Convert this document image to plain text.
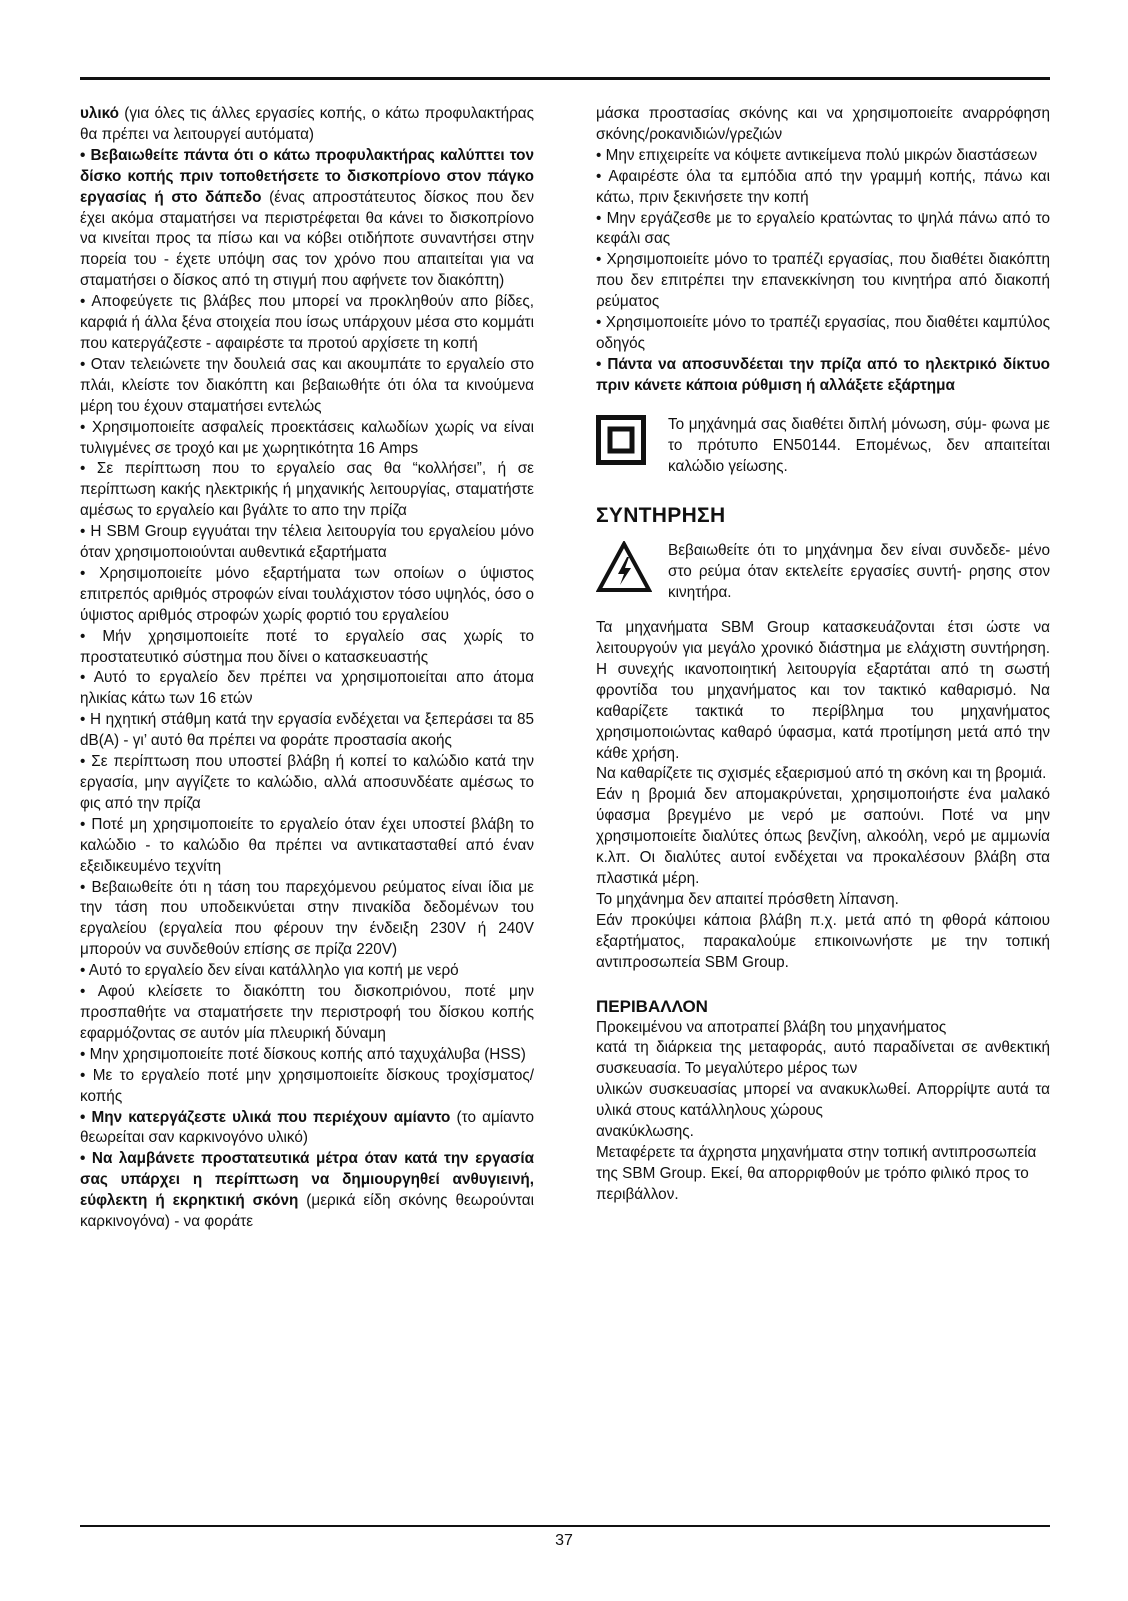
υλικό (για όλες τις άλλες εργασίες κοπής, ο κάτω προφυλακτήρας θα πρέπει να λειτουργεί αυτόματα)

• Βεβαιωθείτε πάντα ότι ο κάτω προφυλακτήρας καλύπτει τον δίσκο κοπής πριν τοποθετήσετε το δισκοπρίονο στον πάγκο εργασίας ή στο δάπεδο (ένας απροστάτευτος δίσκος που δεν έχει ακόμα σταματήσει να περιστρέφεται θα κάνει το δισκοπρίονο να κινείται προς τα πίσω και να κόβει οτιδήποτε συναντήσει στην πορεία του - έχετε υπόψη σας τον χρόνο που απαιτείται για να σταματήσει ο δίσκος από τη στιγμή που αφήνετε τον διακόπτη)

• Αποφεύγετε τις βλάβες που μπορεί να προκληθούν απο βίδες, καρφιά ή άλλα ξένα στοιχεία που ίσως υπάρχουν μέσα στο κομμάτι που κατεργάζεστε - αφαιρέστε τα προτού αρχίσετε τη κοπή

• Οταν τελειώνετε την δουλειά σας και ακουμπάτε το εργαλείο στο πλάι, κλείστε τον διακόπτη και βεβαιωθήτε ότι όλα τα κινούμενα μέρη του έχουν σταματήσει εντελώς

• Χρησιμοποιείτε ασφαλείς προεκτάσεις καλωδίων χωρίς να είναι τυλιγμένες σε τροχό και με χωρητικότητα 16 Amps

• Σε περίπτωση που το εργαλείο σας θα “κολλήσει”, ή σε περίπτωση κακής ηλεκτρικής ή μηχανικής λειτουργίας, σταματήστε αμέσως το εργαλείο και βγάλτε το απο την πρίζα

• Η SBM Group εγγυάται την τέλεια λειτουργία του εργαλείου μόνο όταν χρησιμοποιούνται αυθεντικά εξαρτήματα

• Χρησιμοποιείτε μόνο εξαρτήματα των οποίων ο ύψιστος επιτρεπός αριθμός στροφών είναι τουλάχιστον τόσο υψηλός, όσο ο ύψιστος αριθμός στροφών χωρίς φορτιό του εργαλείου

• Μήν χρησιμοποιείτε ποτέ το εργαλείο σας χωρίς το προστατευτικό σύστημα που δίνει ο κατασκευαστής

• Αυτό το εργαλείο δεν πρέπει να χρησιμοποιείται απο άτομα ηλικίας κάτω των 16 ετών

• Η ηχητική στάθμη κατά την εργασία ενδέχεται να ξεπεράσει τα 85 dB(A) - γι’ αυτό θα πρέπει να φοράτε προστασία ακοής

• Σε περίπτωση που υποστεί βλάβη ή κοπεί το καλώδιο κατά την εργασία, μην αγγίζετε το καλώδιο, αλλά αποσυνδέατε αμέσως το φις από την πρίζα

• Ποτέ μη χρησιμοποιείτε το εργαλείο όταν έχει υποστεί βλάβη το καλώδιο - το καλώδιο θα πρέπει να αντικατασταθεί από έναν εξειδικευμένο τεχνίτη

• Βεβαιωθείτε ότι η τάση του παρεχόμενου ρεύματος είναι ίδια με την τάση που υποδεικνύεται στην πινακίδα δεδομένων του εργαλείου (εργαλεία που φέρουν την ένδειξη 230V ή 240V μπορούν να συνδεθούν επίσης σε πρίζα 220V)

• Αυτό το εργαλείο δεν είναι κατάλληλο για κοπή με νερό

• Αφού κλείσετε το διακόπτη του δισκοπριόνου, ποτέ μην προσπαθήτε να σταματήσετε την περιστροφή του δίσκου κοπής εφαρμόζοντας σε αυτόν μία πλευρική δύναμη

• Μην χρησιμοποιείτε ποτέ δίσκους κοπής από ταχυχάλυβα (HSS)

• Με το εργαλείο ποτέ μην χρησιμοποιείτε δίσκους τροχίσματος/κοπής

• Μην κατεργάζεστε υλικά που περιέχουν αμίαντο (το αμίαντο θεωρείται σαν καρκινογόνο υλικό)

• Να λαμβάνετε προστατευτικά μέτρα όταν κατά την εργασία σας υπάρχει η περίπτωση να δημιουργηθεί ανθυγιεινή, εύφλεκτη ή εκρηκτική σκόνη (μερικά είδη σκόνης θεωρούνται καρκινογόνα) - να φοράτε

μάσκα προστασίας σκόνης και να χρησιμοποιείτε αναρρόφηση σκόνης/ροκανιδιών/γρεζιών

• Μην επιχειρείτε να κόψετε αντικείμενα πολύ μικρών διαστάσεων

• Αφαιρέστε όλα τα εμπόδια από την γραμμή κοπής, πάνω και κάτω, πριν ξεκινήσετε την κοπή

• Μην εργάζεσθε με το εργαλείο κρατώντας το ψηλά πάνω από το κεφάλι σας

• Χρησιμοποιείτε μόνο το τραπέζι εργασίας, που διαθέτει διακόπτη που δεν επιτρέπει την επανεκκίνηση του κινητήρα από διακοπή ρεύματος

• Χρησιμοποιείτε μόνο το τραπέζι εργασίας, που διαθέτει καμπύλος οδηγός

• Πάντα να αποσυνδέεται την πρίζα από το ηλεκτρικό δίκτυο πριν κάνετε κάποια ρύθμιση ή αλλάξετε εξάρτημα

Το μηχάνημά σας διαθέτει διπλή μόνωση, σύμ- φωνα με το πρότυπο EN50144. Επομένως, δεν απαιτείται καλώδιο γείωσης.
ΣΥΝΤΗΡΗΣΗ
Βεβαιωθείτε ότι το μηχάνημα δεν είναι συνδεδε- μένο στο ρεύμα όταν εκτελείτε εργασίες συντή- ρησης στον κινητήρα.

Τα μηχανήματα SBM Group κατασκευάζονται έτσι ώστε να λειτουργούν για μεγάλο χρονικό διάστημα με ελάχιστη συντήρηση. Η συνεχής ικανοποιητική λειτουργία εξαρτάται από τη σωστή φροντίδα του μηχανήματος και τον τακτικό καθαρισμό. Να καθαρίζετε τακτικά το περίβλημα του μηχανήματος χρησιμοποιώντας καθαρό ύφασμα, κατά προτίμηση μετά από την κάθε χρήση.

Να καθαρίζετε τις σχισμές εξαερισμού από τη σκόνη και τη βρομιά.

Εάν η βρομιά δεν απομακρύνεται, χρησιμοποιήστε ένα μαλακό ύφασμα βρεγμένο με νερό με σαπούνι. Ποτέ να μην χρησιμοποιείτε διαλύτες όπως βενζίνη, αλκοόλη, νερό με αμμωνία κ.λπ. Οι διαλύτες αυτοί ενδέχεται να προκαλέσουν βλάβη στα πλαστικά μέρη.

Το μηχάνημα δεν απαιτεί πρόσθετη λίπανση.

Εάν προκύψει κάποια βλάβη π.χ. μετά από τη φθορά κάποιου εξαρτήματος, παρακαλούμε επικοινωνήστε με την τοπική αντιπροσωπεία SBM Group.

ΠΕΡΙΒΑΛΛΟΝ

Προκειμένου να αποτραπεί βλάβη του μηχανήματος

κατά τη διάρκεια της μεταφοράς, αυτό παραδίνεται σε ανθεκτική συσκευασία. Το μεγαλύτερο μέρος των

υλικών συσκευασίας μπορεί να ανακυκλωθεί. Απορρίψτε αυτά τα υλικά στους κατάλληλους χώρους

ανακύκλωσης.

Μεταφέρετε τα άχρηστα μηχανήματα στην τοπική αντιπροσωπεία της SBM Group. Εκεί, θα απορριφθούν με τρόπο φιλικό προς το περιβάλλον.

37
